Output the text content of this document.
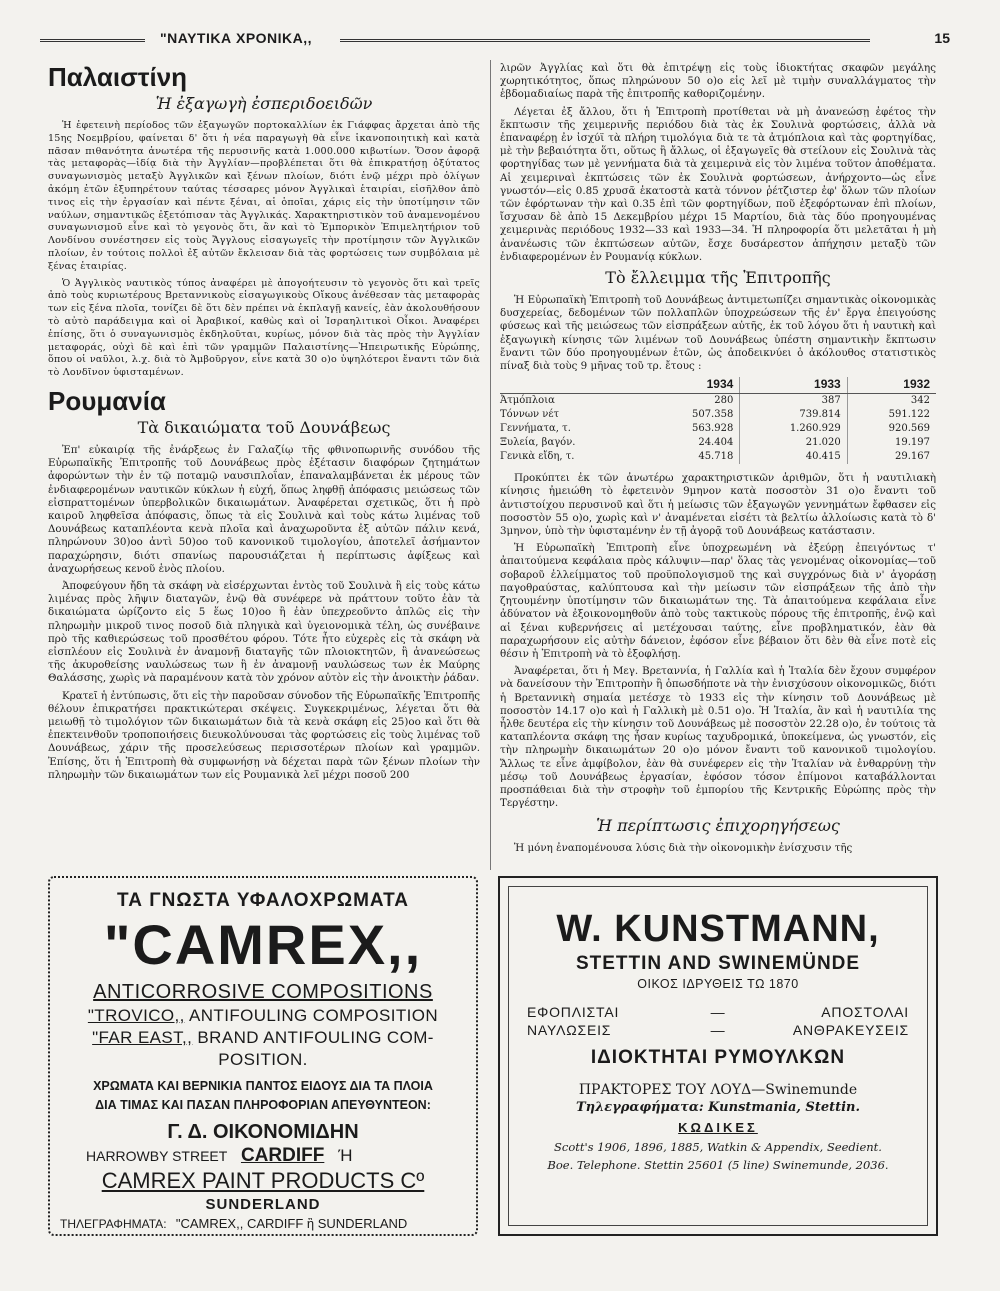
"ΝΑΥΤΙΚΑ ΧΡΟΝΙΚΑ,,	15
Παλαιστίνη
Ἡ ἐξαγωγὴ ἐσπεριδοειδῶν

Ἡ ἐφετεινὴ περίοδος τῶν ἐξαγωγῶν πορτοκαλλίων ἐκ Γιάφφας ἄρχεται ἀπὸ τῆς 15ης Νοεμβρίου, φαίνεται δ' ὅτι ἡ νέα παραγωγὴ θὰ εἶνε ἱκανοποιητικὴ καὶ κατὰ πᾶσαν πιθανότητα ἀνωτέρα τῆς περυσινῆς κατὰ 1.000.000 κιβωτίων. Ὅσον ἀφορᾷ τὰς μεταφορὰς—ἰδίᾳ διὰ τὴν Ἀγγλίαν—προβλέπεται ὅτι θὰ ἐπικρατήσῃ ὀξύτατος συναγωνισμὸς μεταξὺ Ἀγγλικῶν καὶ ξένων πλοίων, διότι ἐνῷ μέχρι πρὸ ὀλίγων ἀκόμη ἐτῶν ἐξυπηρέτουν ταύτας τέσσαρες μόνον Ἀγγλικαὶ ἑταιρίαι, εἰσῆλθον ἀπὸ τινος εἰς τὴν ἐργασίαν καὶ πέντε ξέναι, αἱ ὁποῖαι, χάρις εἰς τὴν ὑποτίμησιν τῶν ναύλων, σημαντικῶς ἐξετόπισαν τὰς Ἀγγλικάς. Χαρακτηριστικὸν τοῦ ἀναμενομένου συναγωνισμοῦ εἶνε καὶ τὸ γεγονὸς ὅτι, ἂν καὶ τὸ Ἐμπορικὸν Ἐπιμελητήριον τοῦ Λονδίνου συνέστησεν εἰς τοὺς Ἄγγλους εἰσαγωγεῖς τὴν προτίμησιν τῶν Ἀγγλικῶν πλοίων, ἐν τούτοις πολλοὶ ἐξ αὐτῶν ἔκλεισαν διὰ τὰς φορτώσεις των συμβόλαια μὲ ξένας ἑταιρίας.

Ὁ Ἀγγλικὸς ναυτικὸς τύπος ἀναφέρει μὲ ἀπογοήτευσιν τὸ γεγονὸς ὅτι καὶ τρεῖς ἀπὸ τοὺς κυριωτέρους Βρεταννικοὺς εἰσαγωγικοὺς Οἴκους ἀνέθεσαν τὰς μεταφορὰς των εἰς ξένα πλοῖα, τονίζει δὲ ὅτι δὲν πρέπει νὰ ἐκπλαγῇ κανείς, ἐὰν ἀκολουθήσουν τὸ αὐτὸ παράδειγμα καὶ οἱ Ἀραβικοί, καθὼς καὶ οἱ Ἰσραηλιτικοὶ Οἶκοι. Ἀναφέρει ἐπίσης, ὅτι ὁ συναγωνισμὸς ἐκδηλοῦται, κυρίως, μόνον διὰ τὰς πρὸς τὴν Ἀγγλίαν μεταφοράς, οὐχὶ δὲ καὶ ἐπὶ τῶν γραμμῶν Παλαιστίνης—Ἠπειρωτικῆς Εὐρώπης, ὅπου οἱ ναῦλοι, λ.χ. διὰ τὸ Ἀμβοῦργον, εἶνε κατὰ 30 ο)ο ὑψηλότεροι ἔναντι τῶν διὰ τὸ Λονδῖνον ὑφισταμένων.

Ρουμανία
Τὰ δικαιώματα τοῦ Δουνάβεως

Ἐπ' εὐκαιρίᾳ τῆς ἐνάρξεως ἐν Γαλαζίῳ τῆς φθινοπωρινῆς συνόδου τῆς Εὐρωπαϊκῆς Ἐπιτροπῆς τοῦ Δουνάβεως πρὸς ἐξέτασιν διαφόρων ζητημάτων ἀφορώντων τὴν ἐν τῷ ποταμῷ ναυσιπλοΐαν, ἐπαναλαμβάνεται ἐκ μέρους τῶν ἐνδιαφερομένων ναυτικῶν κύκλων ἡ εὐχή, ὅπως ληφθῇ ἀπόφασις μειώσεως τῶν εἰσπραττομένων ὑπερβολικῶν δικαιωμάτων. Ἀναφέρεται σχετικῶς, ὅτι ἡ πρὸ καιροῦ ληφθεῖσα ἀπόφασις, ὅπως τὰ εἰς Σουλινὰ καὶ τοὺς κάτω λιμένας τοῦ Δουνάβεως καταπλέοντα κενὰ πλοῖα καὶ ἀναχωροῦντα ἐξ αὐτῶν πάλιν κενά, πληρώνουν 30)οο ἀντὶ 50)οο τοῦ κανονικοῦ τιμολογίου, ἀποτελεῖ ἀσήμαντον παραχώρησιν, διότι σπανίως παρουσιάζεται ἡ περίπτωσις ἀφίξεως καὶ ἀναχωρήσεως κενοῦ ἑνὸς πλοίου.

Ἀποφεύγουν ἤδη τὰ σκάφη νὰ εἰσέρχωνται ἐντὸς τοῦ Σουλινὰ ἢ εἰς τοὺς κάτω λιμένας πρὸς λῆψιν διαταγῶν, ἐνῷ θὰ συνέφερε νὰ πράττουν τοῦτο ἐὰν τὰ δικαιώματα ὡρίζοντο εἰς 5 ἕως 10)οο ἢ ἐὰν ὑπεχρεοῦντο ἁπλῶς εἰς τὴν πληρωμὴν μικροῦ τινος ποσοῦ διὰ πληγικὰ καὶ ὑγειονομικὰ τέλη, ὡς συνέβαινε πρὸ τῆς καθιερώσεως τοῦ προσθέτου φόρου. Τότε ἦτο εὐχερὲς εἰς τὰ σκάφη νὰ εἰσπλέουν εἰς Σουλινὰ ἐν ἀναμονῇ διαταγῆς τῶν πλοιοκτητῶν, ἢ ἀνανεώσεως τῆς ἀκυροθείσης ναυλώσεως των ἢ ἐν ἀναμονῇ ναυλώσεως των ἐκ Μαύρης Θαλάσσης, χωρὶς νὰ παραμένουν κατὰ τὸν χρόνον αὐτὸν εἰς τὴν ἀνοικτὴν ῥάδαν.

Κρατεῖ ἡ ἐντύπωσις, ὅτι εἰς τὴν παροῦσαν σύνοδον τῆς Εὐρωπαϊκῆς Ἐπιτροπῆς θέλουν ἐπικρατήσει πρακτικώτεραι σκέψεις. Συγκεκριμένως, λέγεται ὅτι θὰ μειωθῇ τὸ τιμολόγιον τῶν δικαιωμάτων διὰ τὰ κενὰ σκάφη εἰς 25)οο καὶ ὅτι θὰ ἐπεκτεινθοῦν τροποποιήσεις διευκολύνουσαι τὰς φορτώσεις εἰς τοὺς λιμένας τοῦ Δουνάβεως, χάριν τῆς προσελεύσεως περισσοτέρων πλοίων καὶ γραμμῶν. Ἐπίσης, ὅτι ἡ Ἐπιτροπὴ θὰ συμφωνήσῃ νὰ δέχεται παρὰ τῶν ξένων πλοίων τὴν πληρωμὴν τῶν δικαιωμάτων των εἰς Ρουμανικὰ λεῖ μέχρι ποσοῦ 200

λιρῶν Ἀγγλίας καὶ ὅτι θὰ ἐπιτρέψῃ εἰς τοὺς ἰδιοκτήτας σκαφῶν μεγάλης χωρητικότητος, ὅπως πληρώνουν 50 ο)ο εἰς λεῖ μὲ τιμὴν συναλλάγματος τὴν ἑβδομαδιαίως παρὰ τῆς ἐπιτροπῆς καθοριζομένην.

Λέγεται ἐξ ἄλλου, ὅτι ἡ Ἐπιτροπὴ προτίθεται νὰ μὴ ἀνανεώσῃ ἐφέτος τὴν ἔκπτωσιν τῆς χειμερινῆς περιόδου διὰ τὰς ἐκ Σουλινὰ φορτώσεις, ἀλλὰ νὰ ἐπαναφέρῃ ἐν ἰσχύϊ τὰ πλήρη τιμολόγια διὰ τε τὰ ἀτμόπλοια καὶ τὰς φορτηγίδας, μὲ τὴν βεβαιότητα ὅτι, οὕτως ἢ ἄλλως, οἱ ἐξαγωγεῖς θὰ στείλουν εἰς Σουλινὰ τὰς φορτηγίδας των μὲ γεννήματα διὰ τὰ χειμερινὰ εἰς τὸν λιμένα τοῦτον ἀποθέματα. Αἱ χειμεριναὶ ἐκπτώσεις τῶν ἐκ Σουλινὰ φορτώσεων, ἀνήρχοντο—ὡς εἶνε γνωστόν—εἰς 0.85 χρυσᾶ ἑκατοστὰ κατὰ τόννον ῥέτζιστερ ἐφ' ὅλων τῶν πλοίων τῶν ἐφόρτωναν τὴν καὶ 0.35 ἐπὶ τῶν φορτηγίδων, ποῦ ἐξεφόρτωναν ἐπὶ πλοίων, ἴσχυσαν δὲ ἀπὸ 15 Δεκεμβρίου μέχρι 15 Μαρτίου, διὰ τὰς δύο προηγουμένας χειμερινὰς περιόδους 1932—33 καὶ 1933—34. Ἡ πληροφορία ὅτι μελετᾶται ἡ μὴ ἀνανέωσις τῶν ἐκπτώσεων αὐτῶν, ἔσχε δυσάρεστον ἀπήχησιν μεταξὺ τῶν ἐνδιαφερομένων ἐν Ρουμανίᾳ κύκλων.

Τὸ ἔλλειμμα τῆς Ἐπιτροπῆς

Ἡ Εὐρωπαϊκὴ Ἐπιτροπὴ τοῦ Δουνάβεως ἀντιμετωπίζει σημαντικὰς οἰκονομικὰς δυσχερείας, δεδομένων τῶν πολλαπλῶν ὑποχρεώσεων τῆς ἐν' ἔργα ἐπειγούσης φύσεως καὶ τῆς μειώσεως τῶν εἰσπράξεων αὐτῆς, ἐκ τοῦ λόγου ὅτι ἡ ναυτικὴ καὶ ἐξαγωγικὴ κίνησις τῶν λιμένων τοῦ Δουνάβεως ὑπέστη σημαντικὴν ἔκπτωσιν ἔναντι τῶν δύο προηγουμένων ἐτῶν, ὡς ἀποδεικνύει ὁ ἀκόλουθος στατιστικὸς πίναξ διὰ τοὺς 9 μῆνας τοῦ τρ. ἔτους :

	1934	1933	1932
Ἀτμόπλοια	280	387	342
Τόννων νέτ	507.358	739.814	591.122
Γεννήματα, τ.	563.928	1.260.929	920.569
Ξυλεία, βαγόν.	24.404	21.020	19.197
Γενικὰ εἴδη, τ.	45.718	40.415	29.167

Προκύπτει ἐκ τῶν ἀνωτέρω χαρακτηριστικῶν ἀριθμῶν, ὅτι ἡ ναυτιλιακὴ κίνησις ἠμειώθη τὸ ἐφετεινὸν 9μηνον κατὰ ποσοστὸν 31 ο)ο ἔναντι τοῦ ἀντιστοίχου περυσινοῦ καὶ ὅτι ἡ μείωσις τῶν ἐξαγωγῶν γεννημάτων ἔφθασεν εἰς ποσοστὸν 55 ο)ο, χωρὶς καὶ ν' ἀναμένεται εἰσέτι τὰ βελτίω ἀλλοίωσις κατὰ τὸ δ' 3μηνον, ὑπὸ τὴν ὑφισταμένην ἐν τῇ ἀγορᾷ τοῦ Δουνάβεως κατάστασιν.

Ἡ Εὐρωπαϊκὴ Ἐπιτροπὴ εἶνε ὑποχρεωμένη νὰ ἐξεύρῃ ἐπειγόντως τ' ἀπαιτούμενα κεφάλαια πρὸς κάλυψιν—παρ' ὅλας τὰς γενομένας οἰκονομίας—τοῦ σοβαροῦ ἐλλείμματος τοῦ προϋπολογισμοῦ της καὶ συγχρόνως διὰ ν' ἀγοράσῃ παγοθραύστας, καλύπτουσα καὶ τὴν μείωσιν τῶν εἰσπράξεων τῆς ἀπὸ τὴν ζητουμένην ὑποτίμησιν τῶν δικαιωμάτων της. Τὰ ἀπαιτούμενα κεφάλαια εἶνε ἀδύνατον νὰ ἐξοικονομηθοῦν ἀπὸ τοὺς τακτικοὺς πόρους τῆς ἐπιτροπῆς, ἐνῷ καὶ αἱ ξέναι κυβερνήσεις αἱ μετέχουσαι ταύτης, εἶνε προβληματικόν, ἐὰν θὰ παραχωρήσουν εἰς αὐτὴν δάνειον, ἐφόσον εἶνε βέβαιον ὅτι δὲν θὰ εἶνε ποτὲ εἰς θέσιν ἡ Ἐπιτροπὴ νὰ τὸ ἐξοφλήσῃ.

Ἀναφέρεται, ὅτι ἡ Μεγ. Βρεταννία, ἡ Γαλλία καὶ ἡ Ἰταλία δὲν ἔχουν συμφέρον νὰ δανείσουν τὴν Ἐπιτροπὴν ἢ ὁπωσδήποτε νὰ τὴν ἐνισχύσουν οἰκονομικῶς, διότι ἡ Βρεταννικὴ σημαία μετέσχε τὸ 1933 εἰς τὴν κίνησιν τοῦ Δουνάβεως μὲ ποσοστὸν 14.17 ο)ο καὶ ἡ Γαλλικὴ μὲ 0.51 ο)ο. Ἡ Ἰταλία, ἂν καὶ ἡ ναυτιλία της ἦλθε δευτέρα εἰς τὴν κίνησιν τοῦ Δουνάβεως μὲ ποσοστὸν 22.28 ο)ο, ἐν τούτοις τὰ καταπλέοντα σκάφη της ἦσαν κυρίως ταχυδρομικά, ὑποκείμενα, ὡς γνωστόν, εἰς τὴν πληρωμὴν δικαιωμάτων 20 ο)ο μόνον ἔναντι τοῦ κανονικοῦ τιμολογίου. Ἄλλως τε εἶνε ἀμφίβολον, ἐὰν θὰ συνέφερεν εἰς τὴν Ἰταλίαν νὰ ἐνθαρρύνῃ τὴν μέσῳ τοῦ Δουνάβεως ἐργασίαν, ἐφόσον τόσον ἐπίμονοι καταβάλλονται προσπάθειαι διὰ τὴν στροφὴν τοῦ ἐμπορίου τῆς Κεντρικῆς Εὐρώπης πρὸς τὴν Τεργέστην.

Ἡ περίπτωσις ἐπιχορηγήσεως

Ἡ μόνη ἐναπομένουσα λύσις διὰ τὴν οἰκονομικὴν ἐνίσχυσιν τῆς

ΤΑ ΓΝΩΣΤΑ ΥΦΑΛΟΧΡΩΜΑΤΑ

"CAMREX,,

ANTICORROSIVE COMPOSITIONS

"TROVICO,, ANTIFOULING COMPOSITION

"FAR EAST,, BRAND ANTIFOULING COM-

POSITION.

ΧΡΩΜΑΤΑ ΚΑΙ ΒΕΡΝΙΚΙΑ ΠΑΝΤΟΣ ΕΙΔΟΥΣ ΔΙΑ ΤΑ ΠΛΟΙΑ

ΔΙΑ ΤΙΜΑΣ ΚΑΙ ΠΑΣΑΝ ΠΛΗΡΟΦΟΡΙΑΝ ΑΠΕΥΘΥΝΤΕΟΝ:

Γ. Δ. ΟΙΚΟΝΟΜΙΔΗΝ

HARROWBY STREET CARDIFF Ή

CAMREX PAINT PRODUCTS Cº

SUNDERLAND

ΤΗΛΕΓΡΑΦΗΜΑΤΑ: "CAMREX,, CARDIFF ἢ SUNDERLAND

W. KUNSTMANN,

STETTIN AND SWINEMÜNDE

ΟΙΚΟΣ ΙΔΡΥΘΕΙΣ ΤΩ 1870

ΕΦΟΠΛΙΣΤΑΙ	—	ΑΠΟΣΤΟΛΑΙ
ΝΑΥΛΩΣΕΙΣ	—	ΑΝΘΡΑΚΕΥΣΕΙΣ

ΙΔΙΟΚΤΗΤΑΙ ΡΥΜΟΥΛΚΩΝ

ΠΡΑΚΤΟΡΕΣ ΤΟΥ ΛΟΥΔ—Swinemunde

Τηλεγραφήματα: Kunstmania, Stettin.

ΚΩΔΙΚΕΣ

Scott's 1906, 1896, 1885, Watkin & Appendix, Seedient.

Boe. Telephone. Stettin 25601 (5 line) Swinemunde, 2036.
